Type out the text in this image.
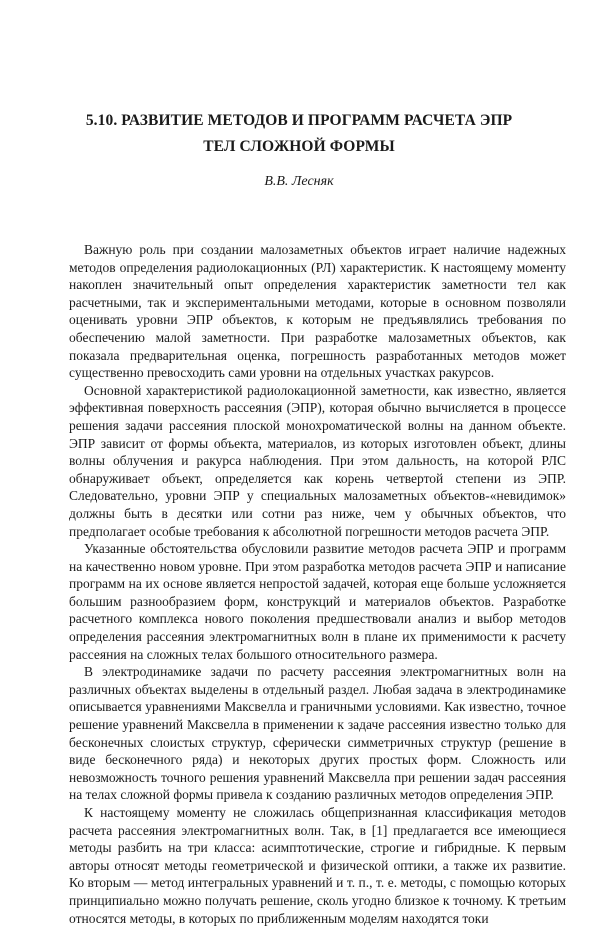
5.10. РАЗВИТИЕ МЕТОДОВ И ПРОГРАММ РАСЧЕТА ЭПР
ТЕЛ СЛОЖНОЙ ФОРМЫ
В.В. Лесняк

Важную роль при создании малозаметных объектов играет наличие надежных методов определения радиолокационных (РЛ) характеристик. К настоящему моменту накоплен значительный опыт определения характеристик заметности тел как расчетными, так и экспериментальными методами, которые в основном позволяли оценивать уровни ЭПР объектов, к которым не предъявлялись требования по обеспечению малой заметности. При разработке малозаметных объектов, как показала предварительная оценка, погрешность разработанных методов может существенно превосходить сами уровни на отдельных участках ракурсов.

Основной характеристикой радиолокационной заметности, как известно, является эффективная поверхность рассеяния (ЭПР), которая обычно вычисляется в процессе решения задачи рассеяния плоской монохроматической волны на данном объекте. ЭПР зависит от формы объекта, материалов, из которых изготовлен объект, длины волны облучения и ракурса наблюдения. При этом дальность, на которой РЛС обнаруживает объект, определяется как корень четвертой степени из ЭПР. Следовательно, уровни ЭПР у специальных малозаметных объектов-«невидимок» должны быть в десятки или сотни раз ниже, чем у обычных объектов, что предполагает особые требования к абсолютной погрешности методов расчета ЭПР.

Указанные обстоятельства обусловили развитие методов расчета ЭПР и программ на качественно новом уровне. При этом разработка методов расчета ЭПР и написание программ на их основе является непростой задачей, которая еще больше усложняется большим разнообразием форм, конструкций и материалов объектов. Разработке расчетного комплекса нового поколения предшествовали анализ и выбор методов определения рассеяния электромагнитных волн в плане их применимости к расчету рассеяния на сложных телах большого относительного размера.

В электродинамике задачи по расчету рассеяния электромагнитных волн на различных объектах выделены в отдельный раздел. Любая задача в электродинамике описывается уравнениями Максвелла и граничными условиями. Как известно, точное решение уравнений Максвелла в применении к задаче рассеяния известно только для бесконечных слоистых структур, сферически симметричных структур (решение в виде бесконечного ряда) и некоторых других простых форм. Сложность или невозможность точного решения уравнений Максвелла при решении задач рассеяния на телах сложной формы привела к созданию различных методов определения ЭПР.

К настоящему моменту не сложилась общепризнанная классификация методов расчета рассеяния электромагнитных волн. Так, в [1] предлагается все имеющиеся методы разбить на три класса: асимптотические, строгие и гибридные. К первым авторы относят методы геометрической и физической оптики, а также их развитие. Ко вторым — метод интегральных уравнений и т. п., т. е. методы, с помощью которых принципиально можно получать решение, сколь угодно близкое к точному. К третьим относятся методы, в которых по приближенным моделям находятся токи
